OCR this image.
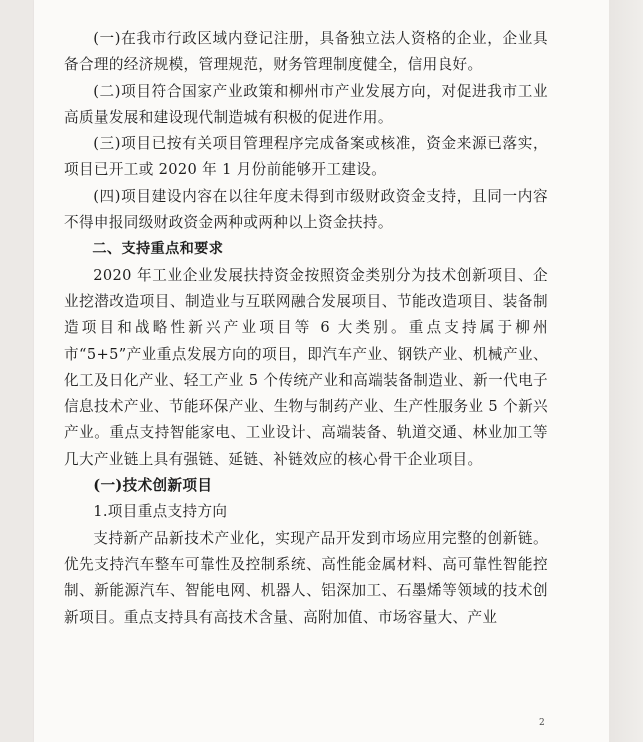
(一)在我市行政区域内登记注册，具备独立法人资格的企业，企业具备合理的经济规模，管理规范，财务管理制度健全，信用良好。

(二)项目符合国家产业政策和柳州市产业发展方向，对促进我市工业高质量发展和建设现代制造城有积极的促进作用。

(三)项目已按有关项目管理程序完成备案或核准，资金来源已落实，项目已开工或 2020 年 1 月份前能够开工建设。

(四)项目建设内容在以往年度未得到市级财政资金支持，且同一内容不得申报同级财政资金两种或两种以上资金扶持。

二、支持重点和要求

2020 年工业企业发展扶持资金按照资金类别分为技术创新项目、企业挖潜改造项目、制造业与互联网融合发展项目、节能改造项目、装备制造项目和战略性新兴产业项目等 6 大类别。重点支持属于柳州市“5+5”产业重点发展方向的项目，即汽车产业、钢铁产业、机械产业、化工及日化产业、轻工产业 5 个传统产业和高端装备制造业、新一代电子信息技术产业、节能环保产业、生物与制药产业、生产性服务业 5 个新兴产业。重点支持智能家电、工业设计、高端装备、轨道交通、林业加工等几大产业链上具有强链、延链、补链效应的核心骨干企业项目。

(一)技术创新项目

1.项目重点支持方向

支持新产品新技术产业化，实现产品开发到市场应用完整的创新链。优先支持汽车整车可靠性及控制系统、高性能金属材料、高可靠性智能控制、新能源汽车、智能电网、机器人、铝深加工、石墨烯等领域的技术创新项目。重点支持具有高技术含量、高附加值、市场容量大、产业

2
